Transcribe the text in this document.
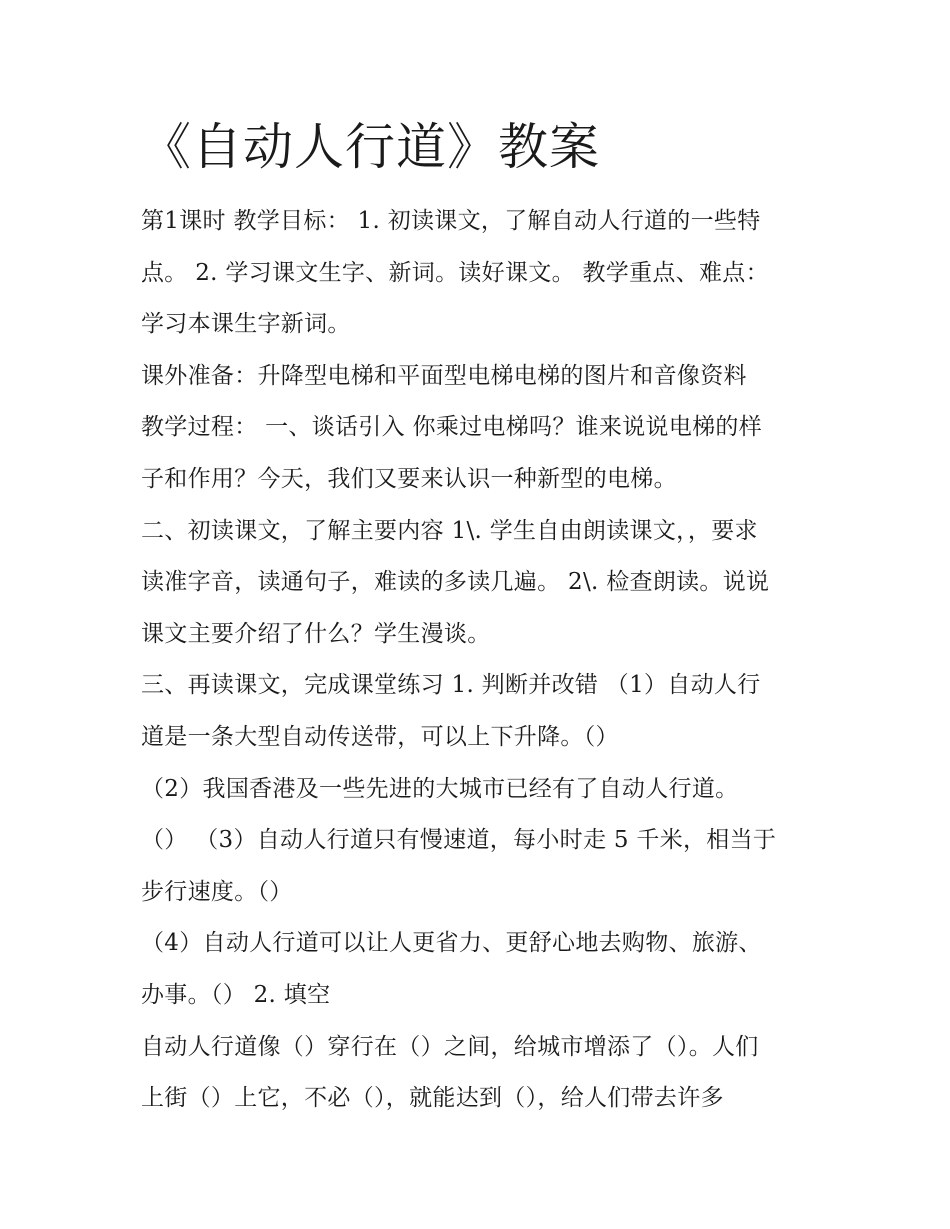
《自动人行道》教案
第1课时 教学目标： 1. 初读课文，了解自动人行道的一些特
点。 2. 学习课文生字、新词。读好课文。 教学重点、难点：
学习本课生字新词。
课外准备：升降型电梯和平面型电梯电梯的图片和音像资料
教学过程： 一、谈话引入 你乘过电梯吗？谁来说说电梯的样
子和作用？今天，我们又要来认识一种新型的电梯。
二、初读课文，了解主要内容 1\. 学生自由朗读课文，，要求
读准字音，读通句子，难读的多读几遍。 2\. 检查朗读。说说
课文主要介绍了什么？学生漫谈。
三、再读课文，完成课堂练习 1. 判断并改错 （1）自动人行
道是一条大型自动传送带，可以上下升降。（）
（2）我国香港及一些先进的大城市已经有了自动人行道。
（） （3）自动人行道只有慢速道，每小时走 5 千米，相当于
步行速度。（）
（4）自动人行道可以让人更省力、更舒心地去购物、旅游、
办事。（） 2. 填空
自动人行道像（）穿行在（）之间，给城市增添了（）。人们
上街（）上它，不必（），就能达到（），给人们带去许多
